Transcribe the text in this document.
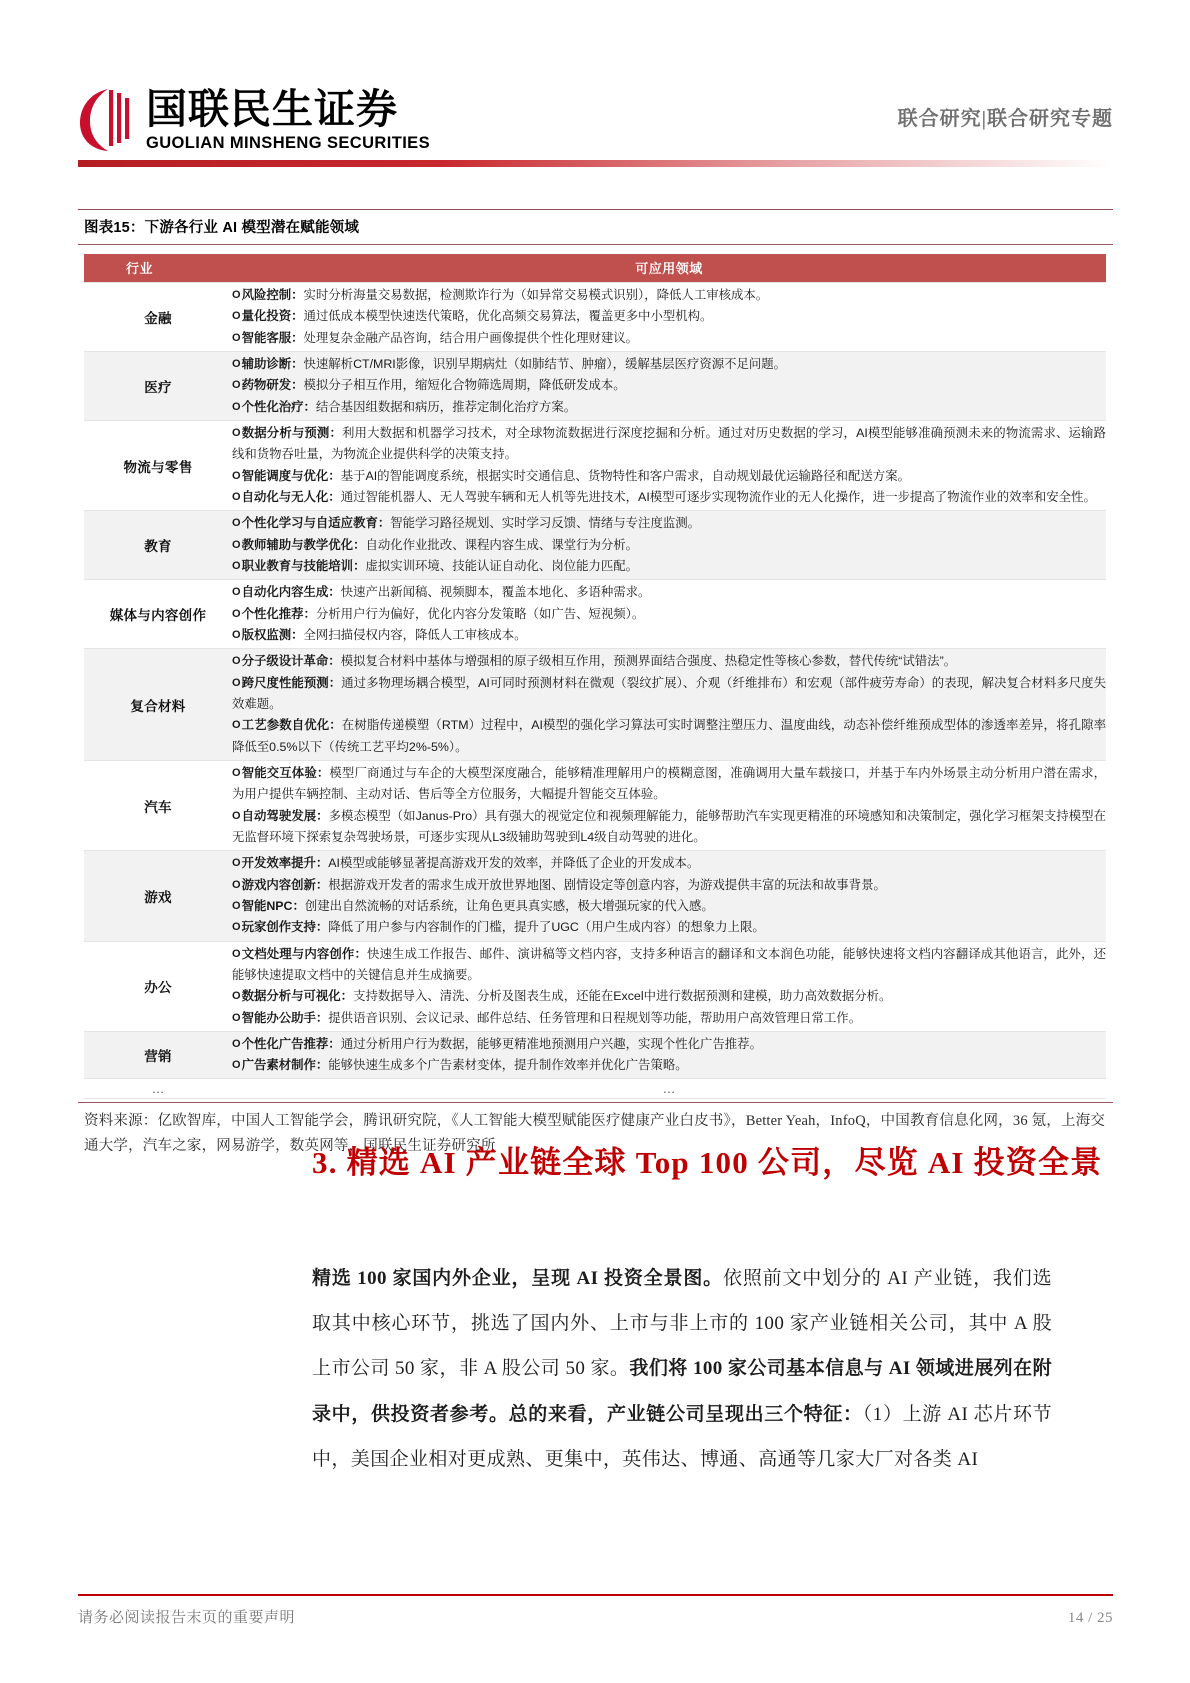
国联民生证券
GUOLIAN MINSHENG SECURITIES
联合研究|联合研究专题
图表15：下游各行业 AI 模型潜在赋能领域
行业	可应用领域
金融	O风险控制：实时分析海量交易数据，检测欺诈行为（如异常交易模式识别），降低人工审核成本。

O量化投资：通过低成本模型快速迭代策略，优化高频交易算法，覆盖更多中小型机构。

O智能客服：处理复杂金融产品咨询，结合用户画像提供个性化理财建议。

医疗	O辅助诊断：快速解析CT/MRI影像，识别早期病灶（如肺结节、肿瘤），缓解基层医疗资源不足问题。

O药物研发：模拟分子相互作用，缩短化合物筛选周期，降低研发成本。

O个性化治疗：结合基因组数据和病历，推荐定制化治疗方案。

物流与零售	O数据分析与预测：利用大数据和机器学习技术，对全球物流数据进行深度挖掘和分析。通过对历史数据的学习，AI模型能够准确预测未来的物流需求、运输路线和货物吞吐量，为物流企业提供科学的决策支持。

O智能调度与优化：基于AI的智能调度系统，根据实时交通信息、货物特性和客户需求，自动规划最优运输路径和配送方案。

O自动化与无人化：通过智能机器人、无人驾驶车辆和无人机等先进技术，AI模型可逐步实现物流作业的无人化操作，进一步提高了物流作业的效率和安全性。

教育	O个性化学习与自适应教育：智能学习路径规划、实时学习反馈、情绪与专注度监测。

O教师辅助与教学优化：自动化作业批改、课程内容生成、课堂行为分析。

O职业教育与技能培训：虚拟实训环境、技能认证自动化、岗位能力匹配。

媒体与内容创作	O自动化内容生成：快速产出新闻稿、视频脚本，覆盖本地化、多语种需求。

O个性化推荐：分析用户行为偏好，优化内容分发策略（如广告、短视频）。

O版权监测：全网扫描侵权内容，降低人工审核成本。

复合材料	O分子级设计革命：模拟复合材料中基体与增强相的原子级相互作用，预测界面结合强度、热稳定性等核心参数，替代传统“试错法”。

O跨尺度性能预测：通过多物理场耦合模型，AI可同时预测材料在微观（裂纹扩展）、介观（纤维排布）和宏观（部件疲劳寿命）的表现，解决复合材料多尺度失效难题。

O工艺参数自优化：在树脂传递模塑（RTM）过程中，AI模型的强化学习算法可实时调整注塑压力、温度曲线，动态补偿纤维预成型体的渗透率差异，将孔隙率降低至0.5%以下（传统工艺平均2%-5%）。

汽车	O智能交互体验：模型厂商通过与车企的大模型深度融合，能够精准理解用户的模糊意图，准确调用大量车载接口，并基于车内外场景主动分析用户潜在需求，为用户提供车辆控制、主动对话、售后等全方位服务，大幅提升智能交互体验。

O自动驾驶发展：多模态模型（如Janus-Pro）具有强大的视觉定位和视频理解能力，能够帮助汽车实现更精准的环境感知和决策制定，强化学习框架支持模型在无监督环境下探索复杂驾驶场景，可逐步实现从L3级辅助驾驶到L4级自动驾驶的进化。

游戏	O开发效率提升：AI模型或能够显著提高游戏开发的效率，并降低了企业的开发成本。

O游戏内容创新：根据游戏开发者的需求生成开放世界地图、剧情设定等创意内容，为游戏提供丰富的玩法和故事背景。

O智能NPC：创建出自然流畅的对话系统，让角色更具真实感，极大增强玩家的代入感。

O玩家创作支持：降低了用户参与内容制作的门槛，提升了UGC（用户生成内容）的想象力上限。

办公	O文档处理与内容创作：快速生成工作报告、邮件、演讲稿等文档内容，支持多种语言的翻译和文本润色功能，能够快速将文档内容翻译成其他语言，此外，还能够快速提取文档中的关键信息并生成摘要。

O数据分析与可视化：支持数据导入、清洗、分析及图表生成，还能在Excel中进行数据预测和建模，助力高效数据分析。

O智能办公助手：提供语音识别、会议记录、邮件总结、任务管理和日程规划等功能，帮助用户高效管理日常工作。

营销	O个性化广告推荐：通过分析用户行为数据，能够更精准地预测用户兴趣，实现个性化广告推荐。

O广告素材制作：能够快速生成多个广告素材变体，提升制作效率并优化广告策略。

…	…
资料来源：亿欧智库，中国人工智能学会，腾讯研究院，《人工智能大模型赋能医疗健康产业白皮书》，Better Yeah，InfoQ，中国教育信息化网，36 氪，上海交通大学，汽车之家，网易游学，数英网等，国联民生证券研究所
3. 精选 AI 产业链全球 Top 100 公司，尽览 AI 投资全景
精选 100 家国内外企业，呈现 AI 投资全景图。依照前文中划分的 AI 产业链，我们选取其中核心环节，挑选了国内外、上市与非上市的 100 家产业链相关公司，其中 A 股上市公司 50 家，非 A 股公司 50 家。我们将 100 家公司基本信息与 AI 领域进展列在附录中，供投资者参考。总的来看，产业链公司呈现出三个特征：（1）上游 AI 芯片环节中，美国企业相对更成熟、更集中，英伟达、博通、高通等几家大厂对各类 AI
请务必阅读报告末页的重要声明	14 / 25
